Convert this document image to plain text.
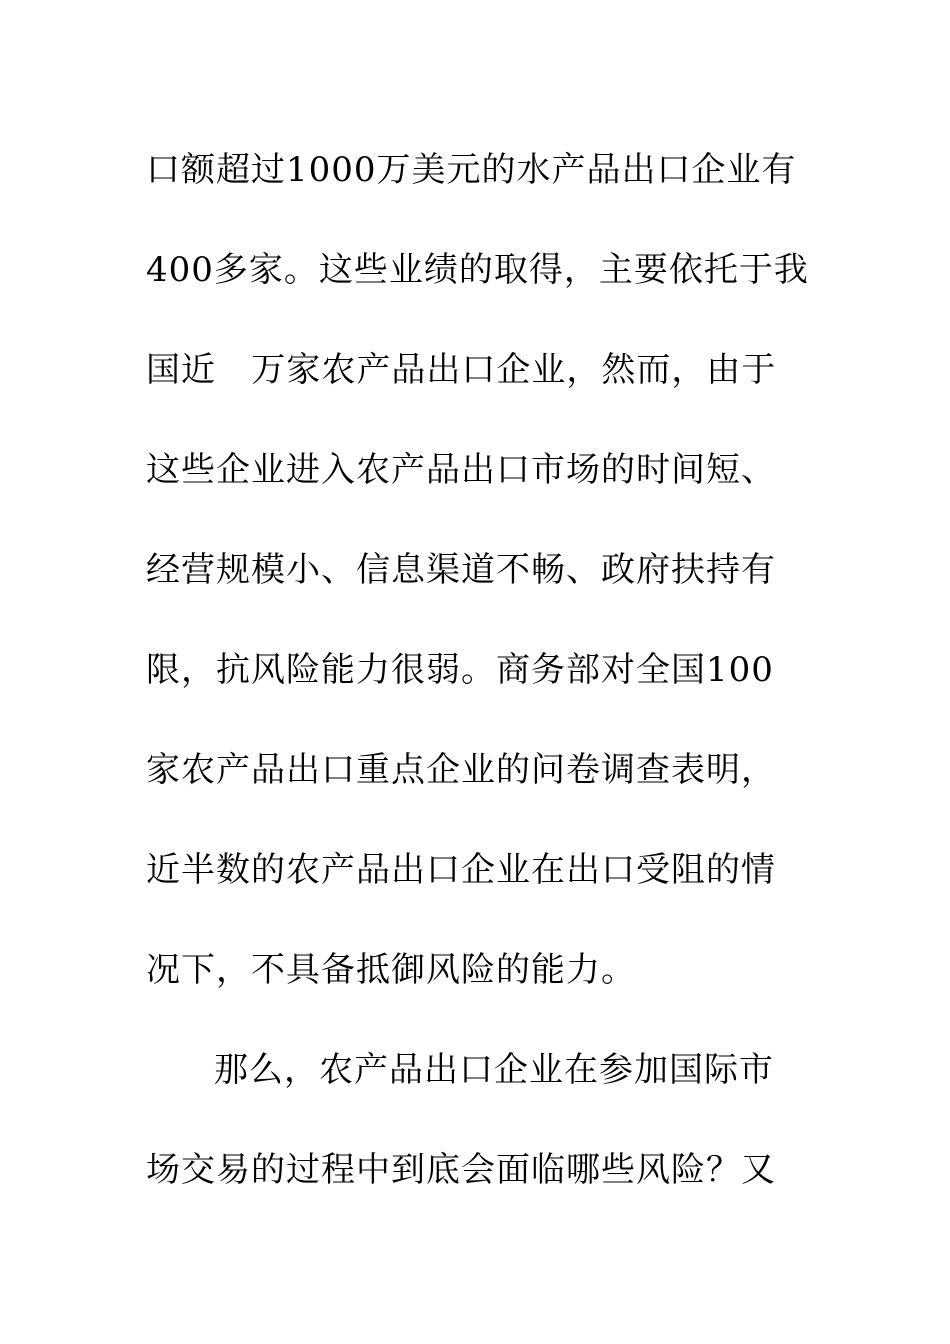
口额超过1000万美元的水产品出口企业有
400多家。这些业绩的取得，主要依托于我
国近   万家农产品出口企业，然而，由于
这些企业进入农产品出口市场的时间短、
经营规模小、信息渠道不畅、政府扶持有
限，抗风险能力很弱。商务部对全国100
家农产品出口重点企业的问卷调查表明，
近半数的农产品出口企业在出口受阻的情
况下，不具备抵御风险的能力。
那么，农产品出口企业在参加国际市
场交易的过程中到底会面临哪些风险？又
